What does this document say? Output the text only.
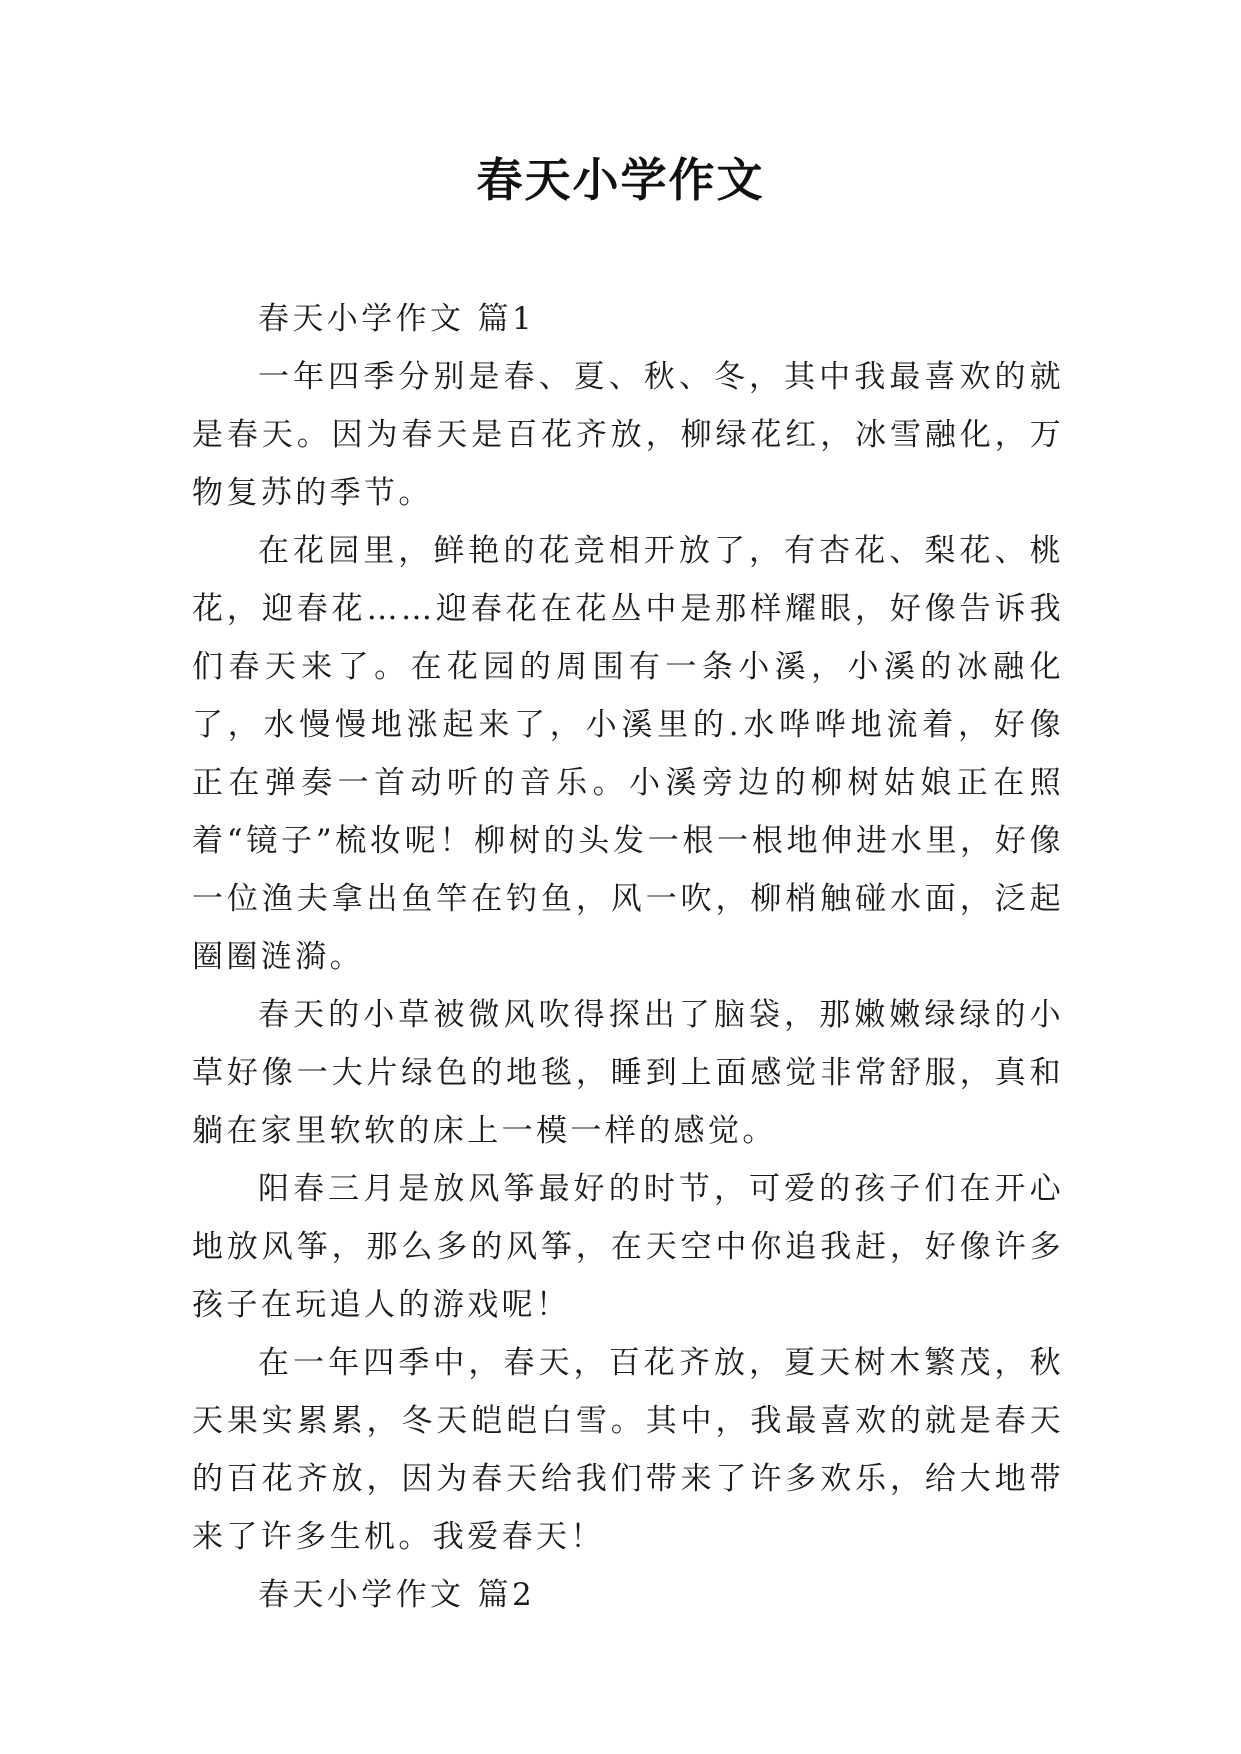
春天小学作文

春天小学作文 篇1

一年四季分别是春、夏、秋、冬，其中我最喜欢的就是春天。因为春天是百花齐放，柳绿花红，冰雪融化，万物复苏的季节。

在花园里，鲜艳的花竞相开放了，有杏花、梨花、桃花，迎春花……迎春花在花丛中是那样耀眼，好像告诉我们春天来了。在花园的周围有一条小溪，小溪的冰融化了，水慢慢地涨起来了，小溪里的.水哗哗地流着，好像正在弹奏一首动听的音乐。小溪旁边的柳树姑娘正在照着“镜子”梳妆呢！柳树的头发一根一根地伸进水里，好像一位渔夫拿出鱼竿在钓鱼，风一吹，柳梢触碰水面，泛起圈圈涟漪。

春天的小草被微风吹得探出了脑袋，那嫩嫩绿绿的小草好像一大片绿色的地毯，睡到上面感觉非常舒服，真和躺在家里软软的床上一模一样的感觉。

阳春三月是放风筝最好的时节，可爱的孩子们在开心地放风筝，那么多的风筝，在天空中你追我赶，好像许多孩子在玩追人的游戏呢！

在一年四季中，春天，百花齐放，夏天树木繁茂，秋天果实累累，冬天皑皑白雪。其中，我最喜欢的就是春天的百花齐放，因为春天给我们带来了许多欢乐，给大地带来了许多生机。我爱春天！

春天小学作文 篇2
